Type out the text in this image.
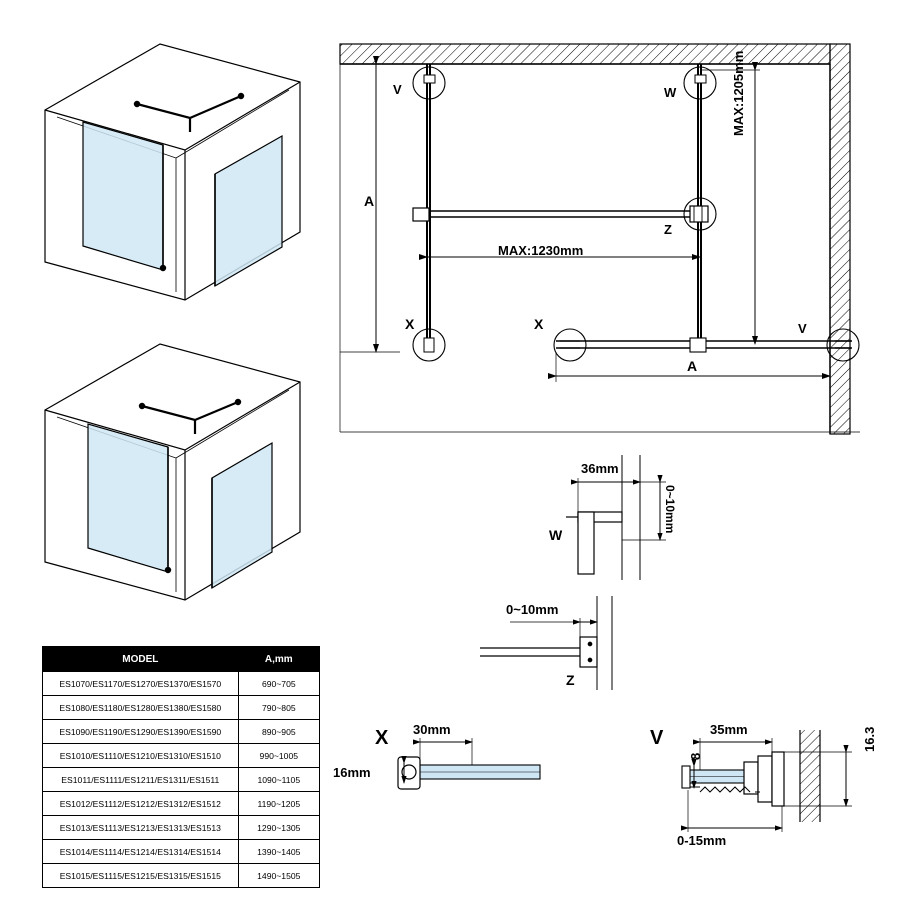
V	W
Z
X	X	V
A
A
MAX:1230mm
MAX:1205mm
W
36mm
0~10mm
Z
0~10mm
X 30mm
16mm
V	35mm	16.3
8
0-15mm
MODEL	A,mm
ES1070/ES1170/ES1270/ES1370/ES1570	690~705
ES1080/ES1180/ES1280/ES1380/ES1580	790~805
ES1090/ES1190/ES1290/ES1390/ES1590	890~905
ES1010/ES1110/ES1210/ES1310/ES1510	990~1005
ES1011/ES1111/ES1211/ES1311/ES1511	1090~1105
ES1012/ES1112/ES1212/ES1312/ES1512	1190~1205
ES1013/ES1113/ES1213/ES1313/ES1513	1290~1305
ES1014/ES1114/ES1214/ES1314/ES1514	1390~1405
ES1015/ES1115/ES1215/ES1315/ES1515	1490~1505
